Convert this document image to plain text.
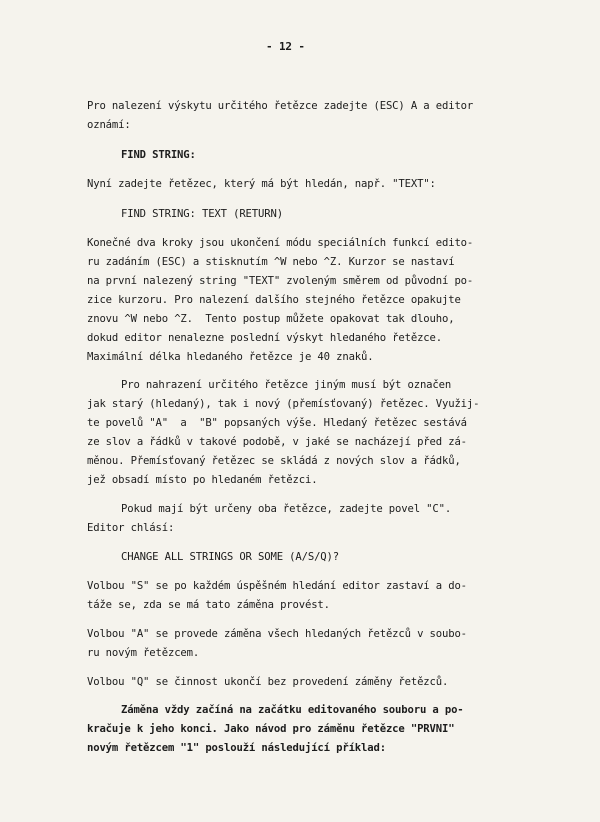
- 12 -
Pro nalezení výskytu určitého řetězce zadejte (ESC) A a editor
oznámí:
FIND STRING:
Nyní zadejte řetězec, který má být hledán, např. "TEXT":
FIND STRING: TEXT (RETURN)
Konečné dva kroky jsou ukončení módu speciálních funkcí edito-
ru zadáním (ESC) a stisknutím ^W nebo ^Z. Kurzor se nastaví
na první nalezený string "TEXT" zvoleným směrem od původní po-
zice kurzoru. Pro nalezení dalšího stejného řetězce opakujte
znovu ^W nebo ^Z.  Tento postup můžete opakovat tak dlouho,
dokud editor nenalezne poslední výskyt hledaného řetězce.
Maximální délka hledaného řetězce je 40 znaků.
Pro nahrazení určitého řetězce jiným musí být označen
jak starý (hledaný), tak i nový (přemísťovaný) řetězec. Využij-
te povelů "A"  a  "B" popsaných výše. Hledaný řetězec sestává
ze slov a řádků v takové podobě, v jaké se nacházejí před zá-
měnou. Přemísťovaný řetězec se skládá z nových slov a řádků,
jež obsadí místo po hledaném řetězci.
Pokud mají být určeny oba řetězce, zadejte povel "C".
Editor chlásí:
CHANGE ALL STRINGS OR SOME (A/S/Q)?
Volbou "S" se po každém úspěšném hledání editor zastaví a do-
táže se, zda se má tato záměna provést.
Volbou "A" se provede záměna všech hledaných řetězců v soubo-
ru novým řetězcem.
Volbou "Q" se činnost ukončí bez provedení záměny řetězců.
Záměna vždy začíná na začátku editovaného souboru a po-
kračuje k jeho konci. Jako návod pro záměnu řetězce "PRVNI"
novým řetězcem "1" poslouží následující příklad:
